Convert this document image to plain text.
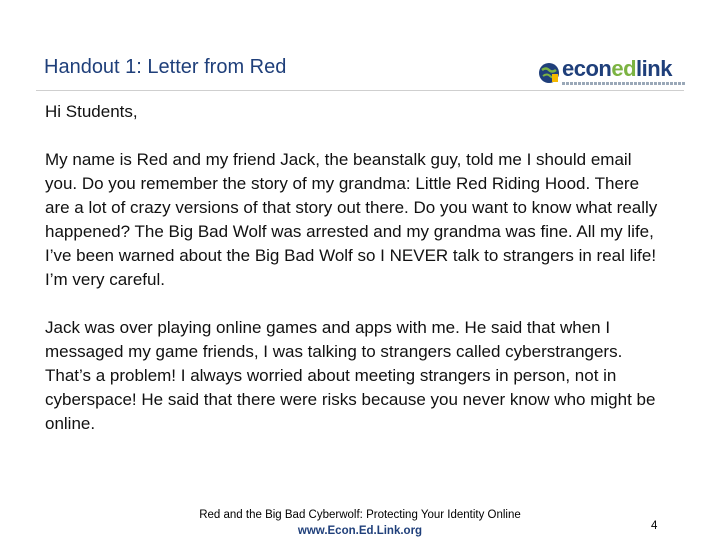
Handout 1: Letter from Red	econedlink

Hi Students,

My name is Red and my friend Jack, the beanstalk guy, told me I should email you. Do you remember the story of my grandma: Little Red Riding Hood. There are a lot of crazy versions of that story out there. Do you want to know what really happened? The Big Bad Wolf was arrested and my grandma was fine. All my life, I’ve been warned about the Big Bad Wolf so I NEVER talk to strangers in real life! I’m very careful.

Jack was over playing online games and apps with me. He said that when I messaged my game friends, I was talking to strangers called cyberstrangers. That’s a problem! I always worried about meeting strangers in person, not in cyberspace! He said that there were risks because you never know who might be online.

Red and the Big Bad Cyberwolf: Protecting Your Identity Online
www.Econ.Ed.Link.org	4
